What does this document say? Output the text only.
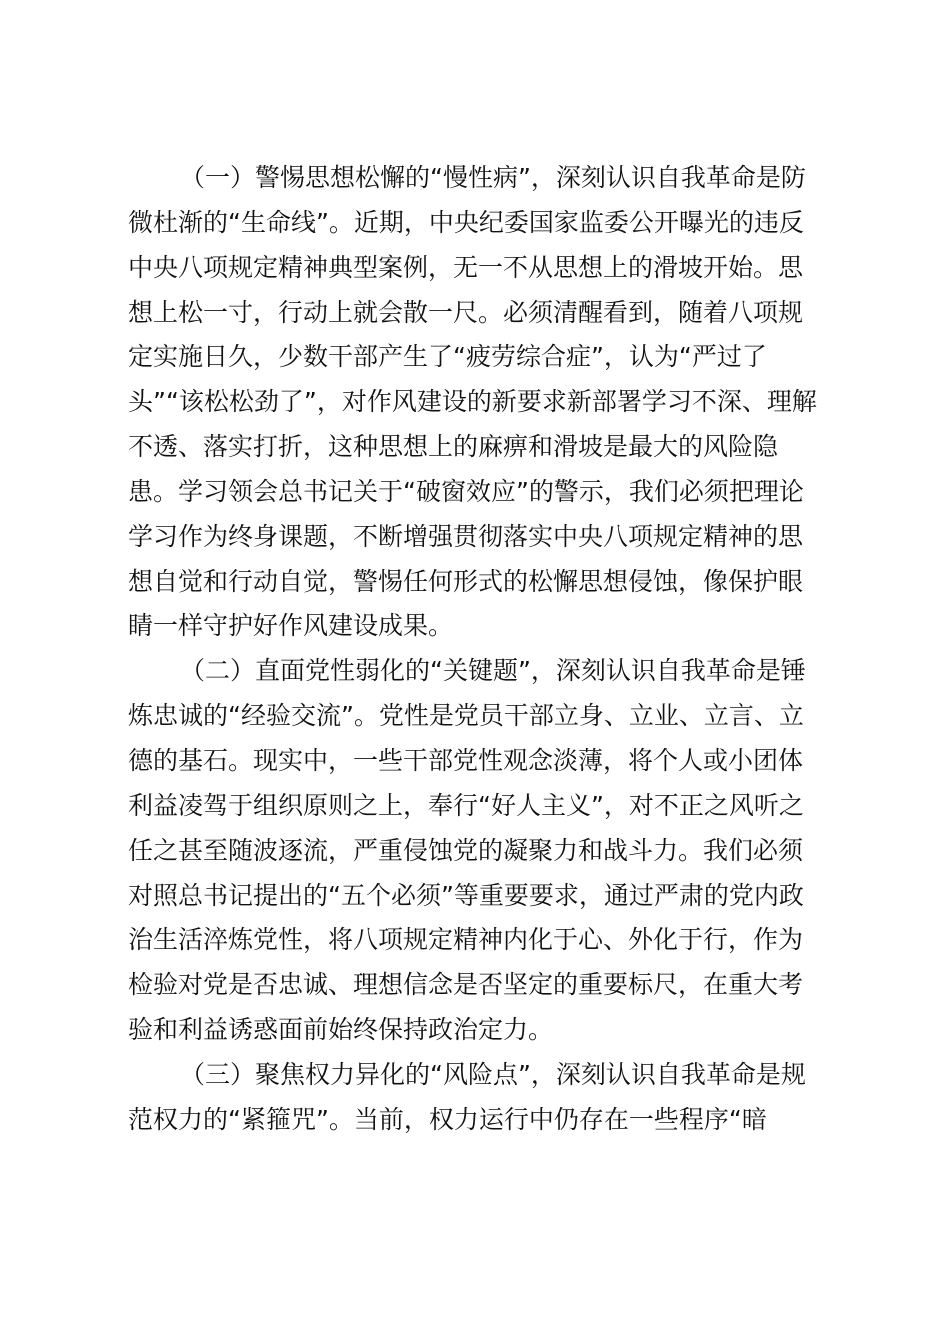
（一）警惕思想松懈的“慢性病”，深刻认识自我革命是防
微杜渐的“生命线”。近期，中央纪委国家监委公开曝光的违反
中央八项规定精神典型案例，无一不从思想上的滑坡开始。思
想上松一寸，行动上就会散一尺。必须清醒看到，随着八项规
定实施日久，少数干部产生了“疲劳综合症”，认为“严过了
头”“该松松劲了”，对作风建设的新要求新部署学习不深、理解
不透、落实打折，这种思想上的麻痹和滑坡是最大的风险隐
患。学习领会总书记关于“破窗效应”的警示，我们必须把理论
学习作为终身课题，不断增强贯彻落实中央八项规定精神的思
想自觉和行动自觉，警惕任何形式的松懈思想侵蚀，像保护眼
睛一样守护好作风建设成果。
（二）直面党性弱化的“关键题”，深刻认识自我革命是锤
炼忠诚的“经验交流”。党性是党员干部立身、立业、立言、立
德的基石。现实中，一些干部党性观念淡薄，将个人或小团体
利益凌驾于组织原则之上，奉行“好人主义”，对不正之风听之
任之甚至随波逐流，严重侵蚀党的凝聚力和战斗力。我们必须
对照总书记提出的“五个必须”等重要要求，通过严肃的党内政
治生活淬炼党性，将八项规定精神内化于心、外化于行，作为
检验对党是否忠诚、理想信念是否坚定的重要标尺，在重大考
验和利益诱惑面前始终保持政治定力。
（三）聚焦权力异化的“风险点”，深刻认识自我革命是规
范权力的“紧箍咒”。当前，权力运行中仍存在一些程序“暗
